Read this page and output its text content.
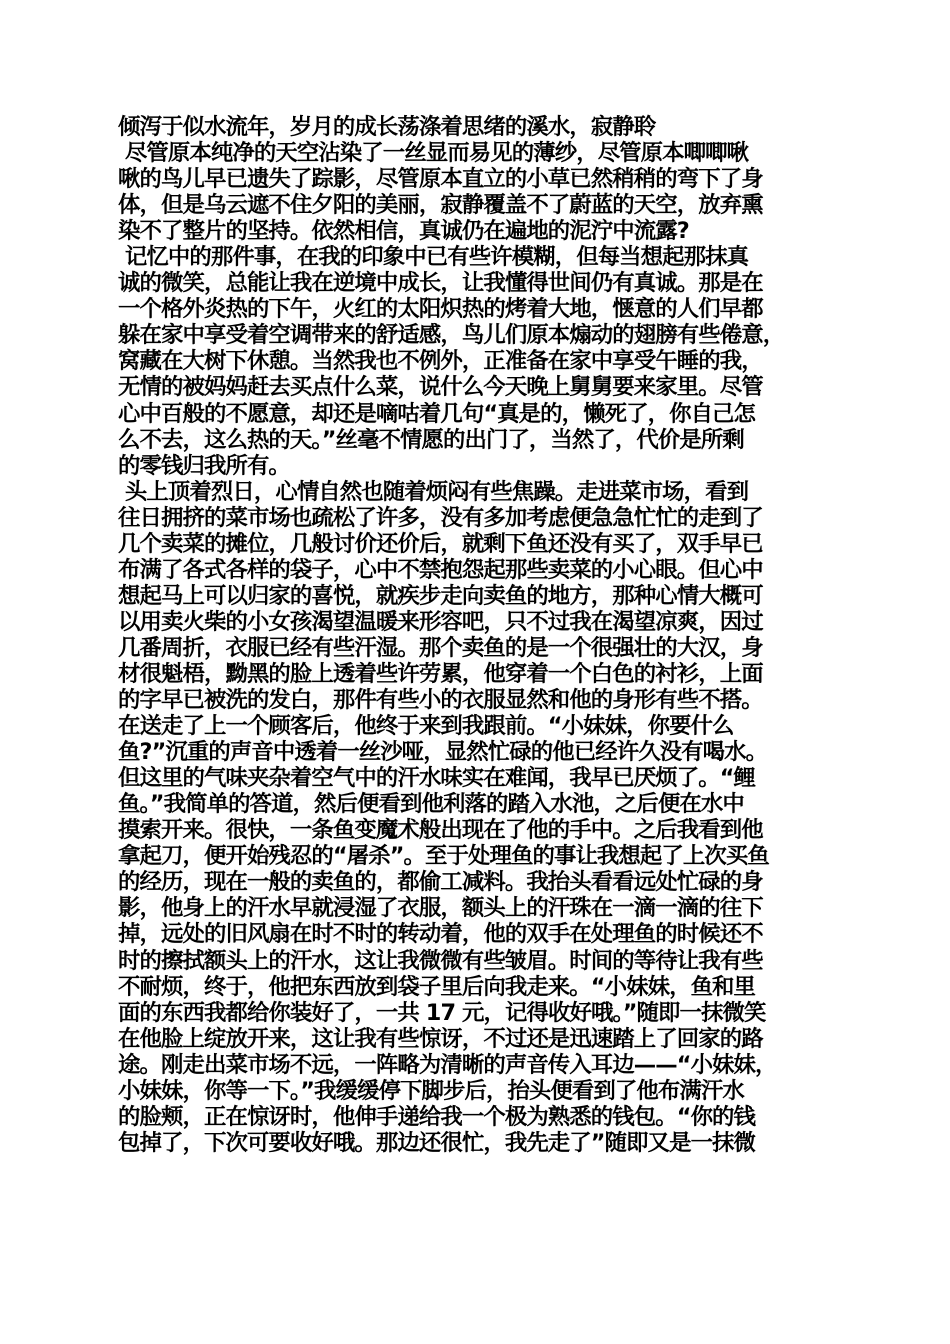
倾泻于似水流年，岁月的成长荡涤着思绪的溪水，寂静聆

尽管原本纯净的天空沾染了一丝显而易见的薄纱，尽管原本唧唧啾

啾的鸟儿早已遗失了踪影，尽管原本直立的小草已然稍稍的弯下了身

体，但是乌云遮不住夕阳的美丽，寂静覆盖不了蔚蓝的天空，放弃熏

染不了整片的坚持。依然相信，真诚仍在遍地的泥泞中流露?

记忆中的那件事，在我的印象中已有些许模糊，但每当想起那抹真

诚的微笑，总能让我在逆境中成长，让我懂得世间仍有真诚。那是在

一个格外炎热的下午，火红的太阳炽热的烤着大地，惬意的人们早都

躲在家中享受着空调带来的舒适感，鸟儿们原本煽动的翅膀有些倦意，

窝藏在大树下休憩。当然我也不例外，正准备在家中享受午睡的我，

无情的被妈妈赶去买点什么菜，说什么今天晚上舅舅要来家里。尽管

心中百般的不愿意，却还是嘀咕着几句“真是的，懒死了，你自己怎

么不去，这么热的天。”丝毫不情愿的出门了，当然了，代价是所剩

的零钱归我所有。

头上顶着烈日，心情自然也随着烦闷有些焦躁。走进菜市场，看到

往日拥挤的菜市场也疏松了许多，没有多加考虑便急急忙忙的走到了

几个卖菜的摊位，几般讨价还价后，就剩下鱼还没有买了，双手早已

布满了各式各样的袋子，心中不禁抱怨起那些卖菜的小心眼。但心中

想起马上可以归家的喜悦，就疾步走向卖鱼的地方，那种心情大概可

以用卖火柴的小女孩渴望温暖来形容吧，只不过我在渴望凉爽，因过

几番周折，衣服已经有些汗湿。那个卖鱼的是一个很强壮的大汉，身

材很魁梧，黝黑的脸上透着些许劳累，他穿着一个白色的衬衫，上面

的字早已被洗的发白，那件有些小的衣服显然和他的身形有些不搭。

在送走了上一个顾客后，他终于来到我跟前。“小妹妹，你要什么

鱼?”沉重的声音中透着一丝沙哑，显然忙碌的他已经许久没有喝水。

但这里的气味夹杂着空气中的汗水味实在难闻，我早已厌烦了。“鲤

鱼。”我简单的答道，然后便看到他利落的踏入水池，之后便在水中

摸索开来。很快，一条鱼变魔术般出现在了他的手中。之后我看到他

拿起刀，便开始残忍的“屠杀”。至于处理鱼的事让我想起了上次买鱼

的经历，现在一般的卖鱼的，都偷工减料。我抬头看看远处忙碌的身

影，他身上的汗水早就浸湿了衣服，额头上的汗珠在一滴一滴的往下

掉，远处的旧风扇在时不时的转动着，他的双手在处理鱼的时候还不

时的擦拭额头上的汗水，这让我微微有些皱眉。时间的等待让我有些

不耐烦，终于，他把东西放到袋子里后向我走来。“小妹妹，鱼和里

面的东西我都给你装好了，一共 17 元，记得收好哦。”随即一抹微笑

在他脸上绽放开来，这让我有些惊讶，不过还是迅速踏上了回家的路

途。刚走出菜市场不远，一阵略为清晰的声音传入耳边——“小妹妹，

小妹妹，你等一下。”我缓缓停下脚步后，抬头便看到了他布满汗水

的脸颊，正在惊讶时，他伸手递给我一个极为熟悉的钱包。“你的钱

包掉了，下次可要收好哦。那边还很忙，我先走了”随即又是一抹微
